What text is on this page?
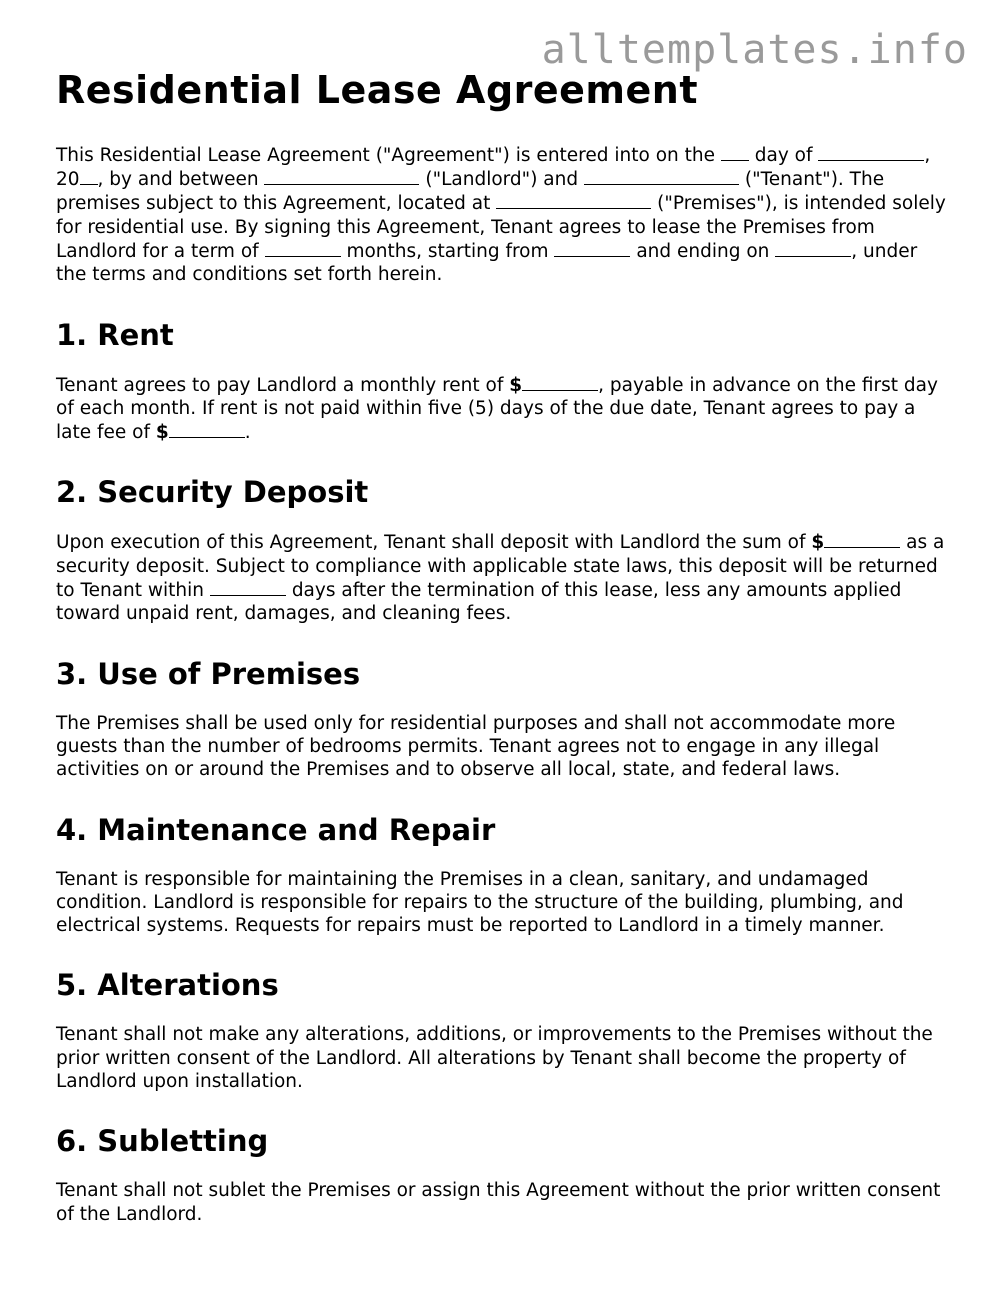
alltemplates.info
Residential Lease Agreement

This Residential Lease Agreement ("Agreement") is entered into on the day of	, 20 , by and between	("Landlord") and	("Tenant"). The premises subject to this Agreement, located at	("Premises"), is intended solely for residential use. By signing this Agreement, Tenant agrees to lease the Premises from Landlord for a term of	months, starting from	and ending on	, under the terms and conditions set forth herein.

1. Rent

Tenant agrees to pay Landlord a monthly rent of $	, payable in advance on the first day of each month. If rent is not paid within five (5) days of the due date, Tenant agrees to pay a late fee of $	.

2. Security Deposit

Upon execution of this Agreement, Tenant shall deposit with Landlord the sum of $	as a security deposit. Subject to compliance with applicable state laws, this deposit will be returned to Tenant within	days after the termination of this lease, less any amounts applied toward unpaid rent, damages, and cleaning fees.

3. Use of Premises

The Premises shall be used only for residential purposes and shall not accommodate more guests than the number of bedrooms permits. Tenant agrees not to engage in any illegal activities on or around the Premises and to observe all local, state, and federal laws.

4. Maintenance and Repair

Tenant is responsible for maintaining the Premises in a clean, sanitary, and undamaged condition. Landlord is responsible for repairs to the structure of the building, plumbing, and electrical systems. Requests for repairs must be reported to Landlord in a timely manner.

5. Alterations

Tenant shall not make any alterations, additions, or improvements to the Premises without the prior written consent of the Landlord. All alterations by Tenant shall become the property of Landlord upon installation.

6. Subletting

Tenant shall not sublet the Premises or assign this Agreement without the prior written consent of the Landlord.
